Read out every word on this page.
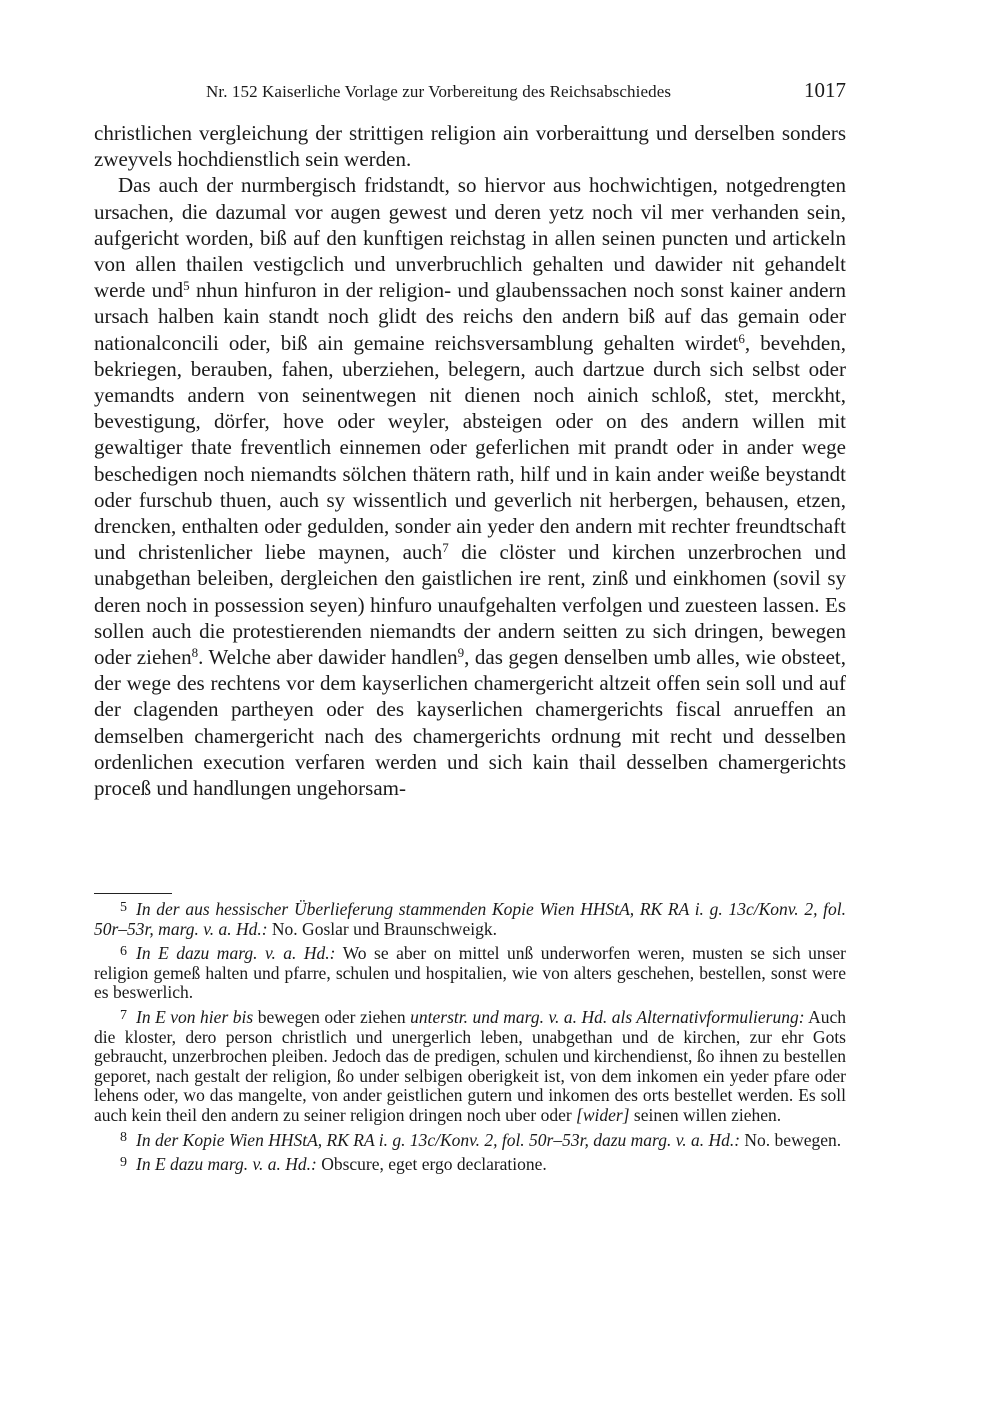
Nr. 152 Kaiserliche Vorlage zur Vorbereitung des Reichsabschiedes	1017

christlichen vergleichung der strittigen religion ain vorberaittung und derselben sonders zweyvels hochdienstlich sein werden.

Das auch der nurmbergisch fridstandt, so hiervor aus hochwichtigen, notgedrengten ursachen, die dazumal vor augen gewest und deren yetz noch vil mer verhanden sein, aufgericht worden, biß auf den kunftigen reichstag in allen seinen puncten und artickeln von allen thailen vestigclich und unverbruchlich gehalten und dawider nit gehandelt werde und$^5$ nhun hinfuron in der religion- und glaubenssachen noch sonst kainer andern ursach halben kain standt noch glidt des reichs den andern biß auf das gemain oder nationalconcili oder, biß ain gemaine reichsversamblung gehalten wirdet$^6$, bevehden, bekriegen, berauben, fahen, uberziehen, belegern, auch dartzue durch sich selbst oder yemandts andern von seinentwegen nit dienen noch ainich schloß, stet, merckht, bevestigung, dörfer, hove oder weyler, absteigen oder on des andern willen mit gewaltiger thate freventlich einnemen oder geferlichen mit prandt oder in ander wege beschedigen noch niemandts sölchen thätern rath, hilf und in kain ander weiße beystandt oder furschub thuen, auch sy wissentlich und geverlich nit herbergen, behausen, etzen, drencken, enthalten oder gedulden, sonder ain yeder den andern mit rechter freundtschaft und christenlicher liebe maynen, auch$^7$ die clöster und kirchen unzerbrochen und unabgethan beleiben, dergleichen den gaistlichen ire rent, zinß und einkhomen (sovil sy deren noch in possession seyen) hinfuro unaufgehalten verfolgen und zuesteen lassen. Es sollen auch die protestierenden niemandts der andern seitten zu sich dringen, bewegen oder ziehen$^8$. Welche aber dawider handlen$^9$, das gegen denselben umb alles, wie obsteet, der wege des rechtens vor dem kayserlichen chamergericht altzeit offen sein soll und auf der clagenden partheyen oder des kayserlichen chamergerichts fiscal anrueffen an demselben chamergericht nach des chamergerichts ordnung mit recht und desselben ordenlichen execution verfaren werden und sich kain thail desselben chamergerichts proceß und handlungen ungehorsam-

$^5$ In der aus hessischer Überlieferung stammenden Kopie Wien HHStA, RK RA i. g. 13c/Konv. 2, fol. 50r–53r, marg. v. a. Hd.: No. Goslar und Braunschweigk.

$^6$ In E dazu marg. v. a. Hd.: Wo se aber on mittel unß underworfen weren, musten se sich unser religion gemeß halten und pfarre, schulen und hospitalien, wie von alters geschehen, bestellen, sonst were es beswerlich.

$^7$ In E von hier bis bewegen oder ziehen unterstr. und marg. v. a. Hd. als Alternativformulierung: Auch die kloster, dero person christlich und unergerlich leben, unabgethan und de kirchen, zur ehr Gots gebraucht, unzerbrochen pleiben. Jedoch das de predigen, schulen und kirchendienst, ßo ihnen zu bestellen geporet, nach gestalt der religion, ßo under selbigen oberigkeit ist, von dem inkomen ein yeder pfare oder lehens oder, wo das mangelte, von ander geistlichen gutern und inkomen des orts bestellet werden. Es soll auch kein theil den andern zu seiner religion dringen noch uber oder [wider] seinen willen ziehen.

$^8$ In der Kopie Wien HHStA, RK RA i. g. 13c/Konv. 2, fol. 50r–53r, dazu marg. v. a. Hd.: No. bewegen.

$^9$ In E dazu marg. v. a. Hd.: Obscure, eget ergo declaratione.
